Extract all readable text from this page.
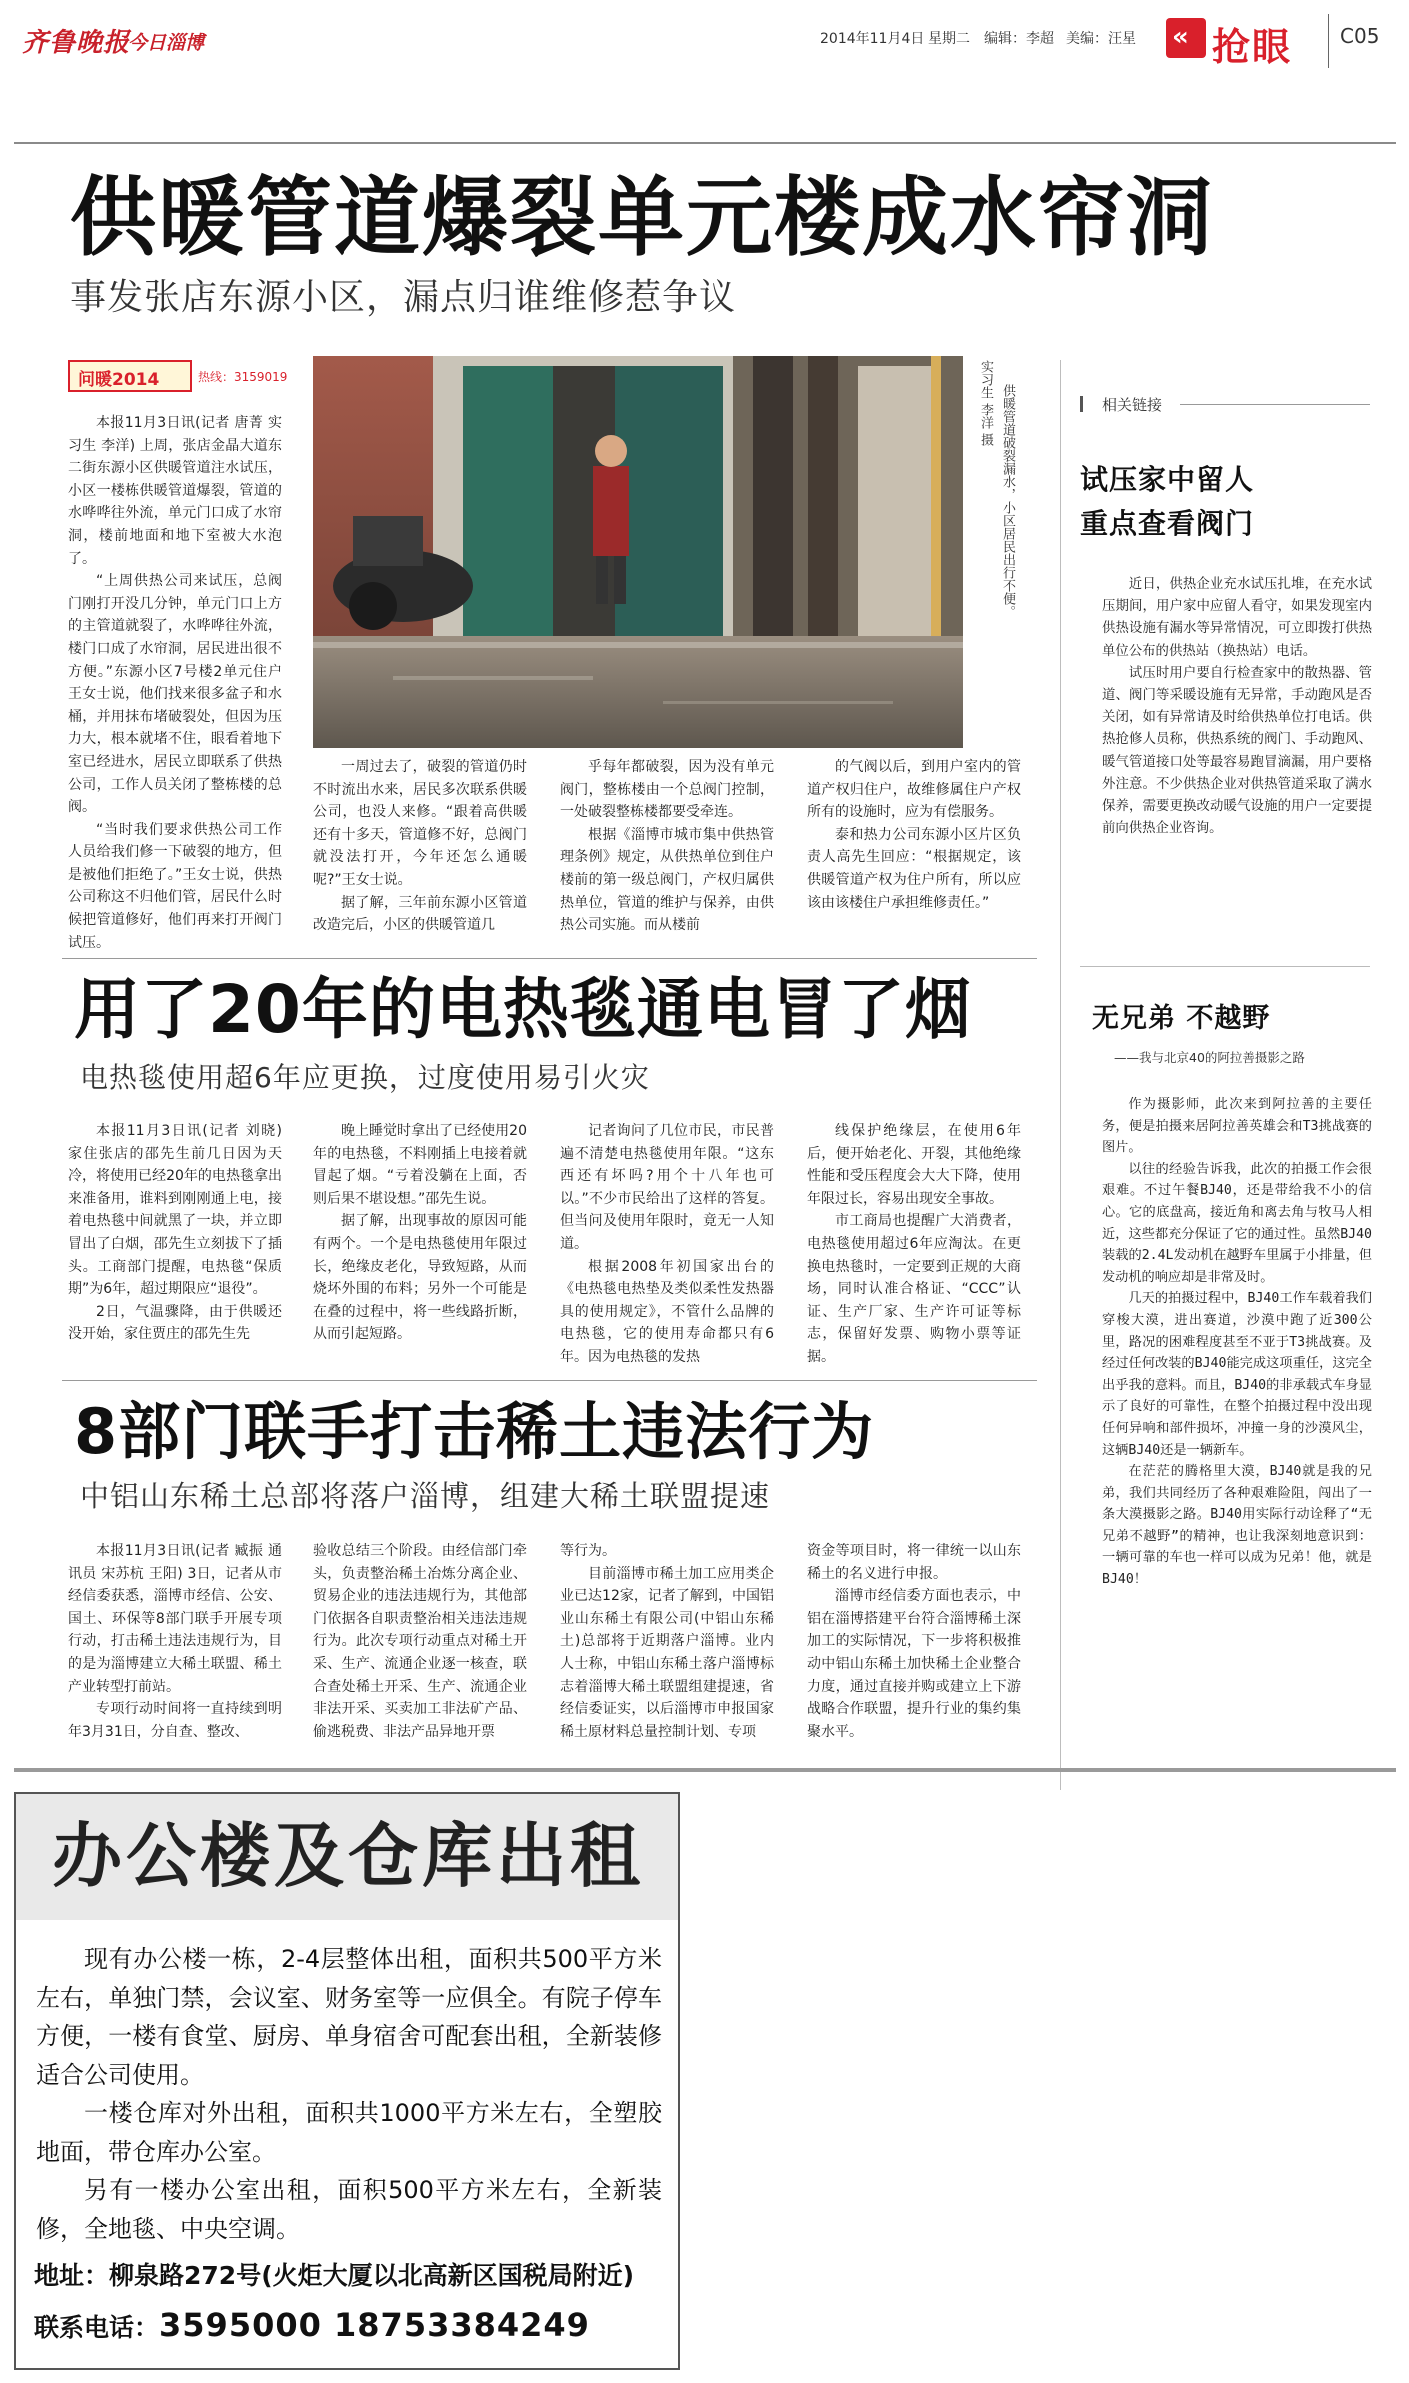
齐鲁晚报
今日淄博	2014年11月4日 星期二 编辑：李超 美编：汪星 « 抢眼 C05
供暖管道爆裂单元楼成水帘洞
事发张店东源小区，漏点归谁维修惹争议
问暖2014	热线：3159019

本报11月3日讯(记者 唐菁 实习生 李洋) 上周，张店金晶大道东二街东源小区供暖管道注水试压，小区一楼栋供暖管道爆裂，管道的水哗哗往外流，单元门口成了水帘洞，楼前地面和地下室被大水泡了。

“上周供热公司来试压，总阀门刚打开没几分钟，单元门口上方的主管道就裂了，水哗哗往外流，楼门口成了水帘洞，居民进出很不方便。”东源小区7号楼2单元住户王女士说，他们找来很多盆子和水桶，并用抹布堵破裂处，但因为压力大，根本就堵不住，眼看着地下室已经进水，居民立即联系了供热公司，工作人员关闭了整栋楼的总阀。

“当时我们要求供热公司工作人员给我们修一下破裂的地方，但是被他们拒绝了。”王女士说，供热公司称这不归他们管，居民什么时候把管道修好，他们再来打开阀门试压。

实习生 李洋 摄 供暖管道破裂漏水，小区居民出行不便。

一周过去了，破裂的管道仍时不时流出水来，居民多次联系供暖公司，也没人来修。“跟着高供暖还有十多天，管道修不好，总阀门就没法打开，今年还怎么通暖呢?”王女士说。

据了解，三年前东源小区管道改造完后，小区的供暖管道几

乎每年都破裂，因为没有单元阀门，整栋楼由一个总阀门控制，一处破裂整栋楼都要受牵连。

根据《淄博市城市集中供热管理条例》规定，从供热单位到住户楼前的第一级总阀门，产权归属供热单位，管道的维护与保养，由供热公司实施。而从楼前

的气阀以后，到用户室内的管道产权归住户，故维修属住户产权所有的设施时，应为有偿服务。

泰和热力公司东源小区片区负责人高先生回应：“根据规定，该供暖管道产权为住户所有，所以应该由该楼住户承担维修责任。”

相关链接
试压家中留人
重点查看阀门

近日，供热企业充水试压扎堆，在充水试压期间，用户家中应留人看守，如果发现室内供热设施有漏水等异常情况，可立即拨打供热单位公布的供热站（换热站）电话。

试压时用户要自行检查家中的散热器、管道、阀门等采暖设施有无异常，手动跑风是否关闭，如有异常请及时给供热单位打电话。供热抢修人员称，供热系统的阀门、手动跑风、暖气管道接口处等最容易跑冒滴漏，用户要格外注意。不少供热企业对供热管道采取了满水保养，需要更换改动暖气设施的用户一定要提前向供热企业咨询。

用了20年的电热毯通电冒了烟
电热毯使用超6年应更换，过度使用易引火灾

本报11月3日讯(记者 刘晓) 家住张店的邵先生前几日因为天冷，将使用已经20年的电热毯拿出来准备用，谁料到刚刚通上电，接着电热毯中间就黑了一块，并立即冒出了白烟，邵先生立刻拔下了插头。工商部门提醒，电热毯“保质期”为6年，超过期限应“退役”。

2日，气温骤降，由于供暖还没开始，家住贾庄的邵先生先

晚上睡觉时拿出了已经使用20年的电热毯，不料刚插上电接着就冒起了烟。“亏着没躺在上面，否则后果不堪设想。”邵先生说。

据了解，出现事故的原因可能有两个。一个是电热毯使用年限过长，绝缘皮老化，导致短路，从而烧坏外围的布料；另外一个可能是在叠的过程中，将一些线路折断，从而引起短路。

记者询问了几位市民，市民普遍不清楚电热毯使用年限。“这东西还有坏吗?用个十八年也可以。”不少市民给出了这样的答复。但当问及使用年限时，竟无一人知道。

根据2008年初国家出台的《电热毯电热垫及类似柔性发热器具的使用规定》，不管什么品牌的电热毯，它的使用寿命都只有6年。因为电热毯的发热

线保护绝缘层，在使用6年后，便开始老化、开裂，其他绝缘性能和受压程度会大大下降，使用年限过长，容易出现安全事故。

市工商局也提醒广大消费者，电热毯使用超过6年应淘汰。在更换电热毯时，一定要到正规的大商场，同时认准合格证、“CCC”认证、生产厂家、生产许可证等标志，保留好发票、购物小票等证据。

无兄弟 不越野
——我与北京40的阿拉善摄影之路

作为摄影师，此次来到阿拉善的主要任务，便是拍摄来居阿拉善英雄会和T3挑战赛的图片。

以往的经验告诉我，此次的拍摄工作会很艰难。不过午餐BJ40，还是带给我不小的信心。它的底盘高，接近角和离去角与牧马人相近，这些都充分保证了它的通过性。虽然BJ40装载的2.4L发动机在越野车里属于小排量，但发动机的响应却是非常及时。

几天的拍摄过程中，BJ40工作车载着我们穿梭大漠，进出赛道，沙漠中跑了近300公里，路况的困难程度甚至不亚于T3挑战赛。及经过任何改装的BJ40能完成这项重任，这完全出乎我的意料。而且，BJ40的非承载式车身显示了良好的可靠性，在整个拍摄过程中没出现任何异响和部件损坏，冲撞一身的沙漠风尘，这辆BJ40还是一辆新车。

在茫茫的腾格里大漠，BJ40就是我的兄弟，我们共同经历了各种艰难险阻，闯出了一条大漠摄影之路。BJ40用实际行动诠释了“无兄弟不越野”的精神，也让我深刻地意识到：一辆可靠的车也一样可以成为兄弟！他，就是BJ40！

8部门联手打击稀土违法行为
中铝山东稀土总部将落户淄博，组建大稀土联盟提速

本报11月3日讯(记者 臧振 通讯员 宋苏杭 王阳) 3日，记者从市经信委获悉，淄博市经信、公安、国土、环保等8部门联手开展专项行动，打击稀土违法违规行为，目的是为淄博建立大稀土联盟、稀土产业转型打前站。

专项行动时间将一直持续到明年3月31日，分自查、整改、

验收总结三个阶段。由经信部门牵头，负责整治稀土冶炼分离企业、贸易企业的违法违规行为，其他部门依据各自职责整治相关违法违规行为。此次专项行动重点对稀土开采、生产、流通企业逐一核查，联合查处稀土开采、生产、流通企业非法开采、买卖加工非法矿产品、偷逃税费、非法产品异地开票

等行为。

目前淄博市稀土加工应用类企业已达12家，记者了解到，中国铝业山东稀土有限公司(中铝山东稀土)总部将于近期落户淄博。业内人士称，中铝山东稀土落户淄博标志着淄博大稀土联盟组建提速，省经信委证实，以后淄博市申报国家稀土原材料总量控制计划、专项

资金等项目时，将一律统一以山东稀土的名义进行申报。

淄博市经信委方面也表示，中铝在淄博搭建平台符合淄博稀土深加工的实际情况，下一步将积极推动中铝山东稀土加快稀土企业整合力度，通过直接并购或建立上下游战略合作联盟，提升行业的集约集聚水平。

办公楼及仓库出租

现有办公楼一栋，2-4层整体出租，面积共500平方米左右，单独门禁，会议室、财务室等一应俱全。有院子停车方便，一楼有食堂、厨房、单身宿舍可配套出租，全新装修适合公司使用。

一楼仓库对外出租，面积共1000平方米左右，全塑胶地面，带仓库办公室。

另有一楼办公室出租，面积500平方米左右，全新装修，全地毯、中央空调。

地址：柳泉路272号(火炬大厦以北高新区国税局附近)
联系电话：3595000 18753384249
